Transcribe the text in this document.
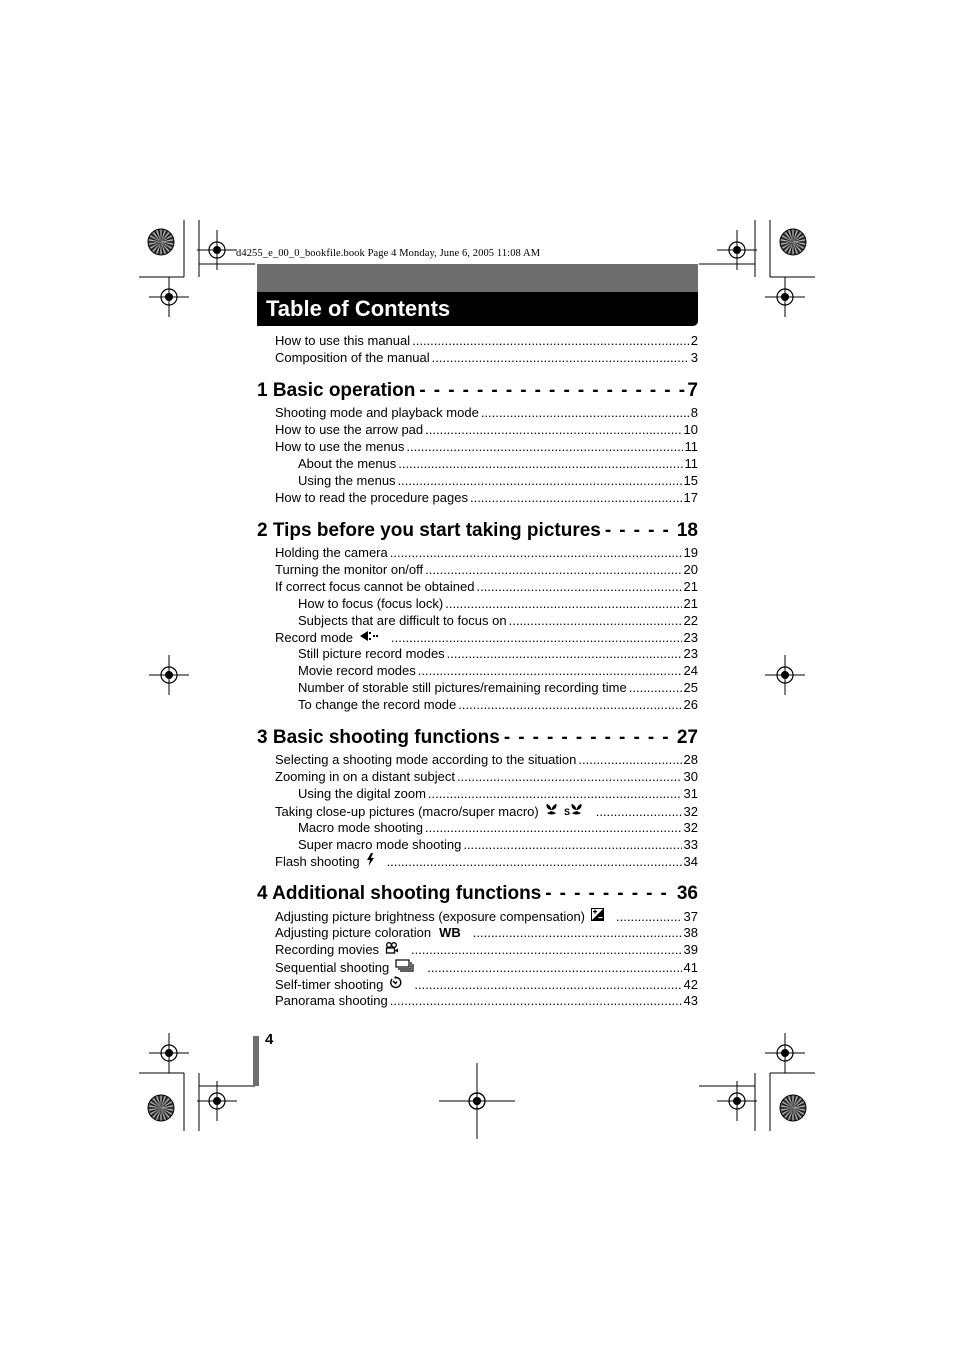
d4255_e_00_0_bookfile.book Page 4 Monday, June 6, 2005 11:08 AM
Table of Contents
How to use this manual .....	2
Composition of the manual .....	3
1 Basic operation - - -	7
Shooting mode and playback mode .....	8
How to use the arrow pad .....	10
How to use the menus .....	11
About the menus .....	11
Using the menus .....	15
How to read the procedure pages .....	17
2 Tips before you start taking pictures - - -	18
Holding the camera .....	19
Turning the monitor on/off .....	20
If correct focus cannot be obtained .....	21
How to focus (focus lock) .....	21
Subjects that are difficult to focus on .....	22
Record mode .....	23
Still picture record modes .....	23
Movie record modes .....	24
Number of storable still pictures/remaining recording time .....	25
To change the record mode .....	26
3 Basic shooting functions - - -	27
Selecting a shooting mode according to the situation .....	28
Zooming in on a distant subject .....	30
Using the digital zoom .....	31
Taking close-up pictures (macro/super macro)	S .....	32
Macro mode shooting .....	32
Super macro mode shooting .....	33
Flash shooting .....	34
4 Additional shooting functions - - -	36
Adjusting picture brightness (exposure compensation) .....	37
Adjusting picture coloration WB .....	38
Recording movies .....	39
Sequential shooting .....	41
Self-timer shooting .....	42
Panorama shooting .....	43
4
